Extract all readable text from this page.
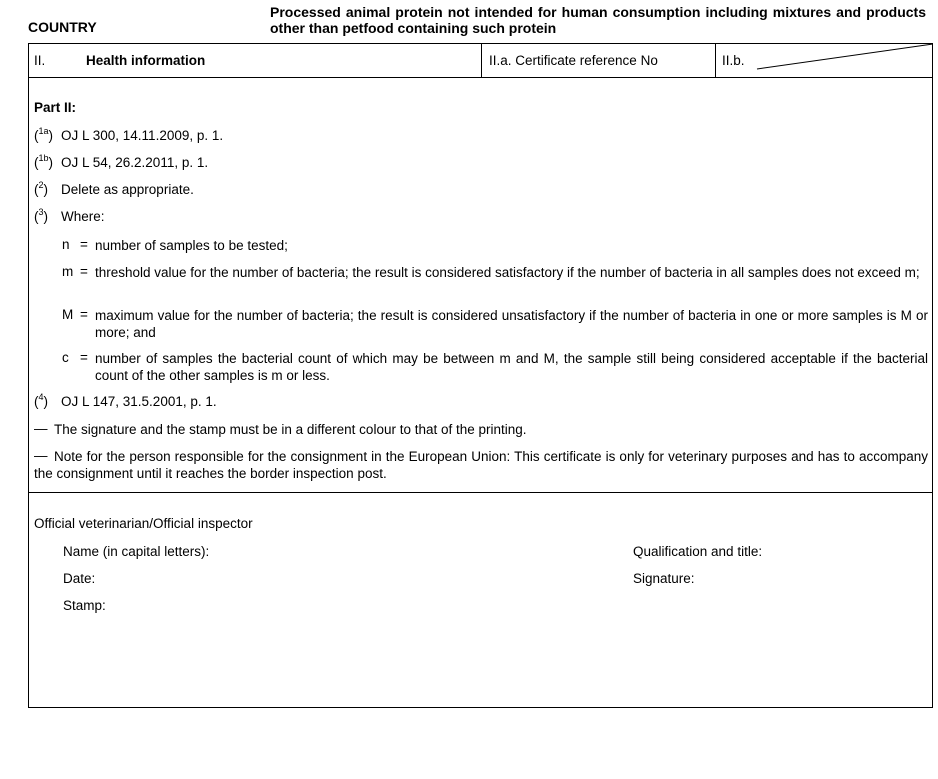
COUNTRY
Processed animal protein not intended for human consumption including mixtures and products other than petfood containing such protein
II.	Health information	II.a. Certificate reference No	II.b.
Part II:
($^{1a}$) OJ L 300, 14.11.2009, p. 1.
($^{1b}$) OJ L 54, 26.2.2011, p. 1.
($^2$) Delete as appropriate.
($^3$) Where:
n = number of samples to be tested;
m = threshold value for the number of bacteria; the result is considered satisfactory if the number of bacteria in all samples does not exceed m;
M = maximum value for the number of bacteria; the result is considered unsatisfactory if the number of bacteria in one or more samples is M or more; and
c = number of samples the bacterial count of which may be between m and M, the sample still being considered acceptable if the bacterial count of the other samples is m or less.
($^4$) OJ L 147, 31.5.2001, p. 1.
— The signature and the stamp must be in a different colour to that of the printing.
— Note for the person responsible for the consignment in the European Union: This certificate is only for veterinary purposes and has to accompany the consignment until it reaches the border inspection post.
Official veterinarian/Official inspector
Name (in capital letters):	Qualification and title:
Date:	Signature:
Stamp:
